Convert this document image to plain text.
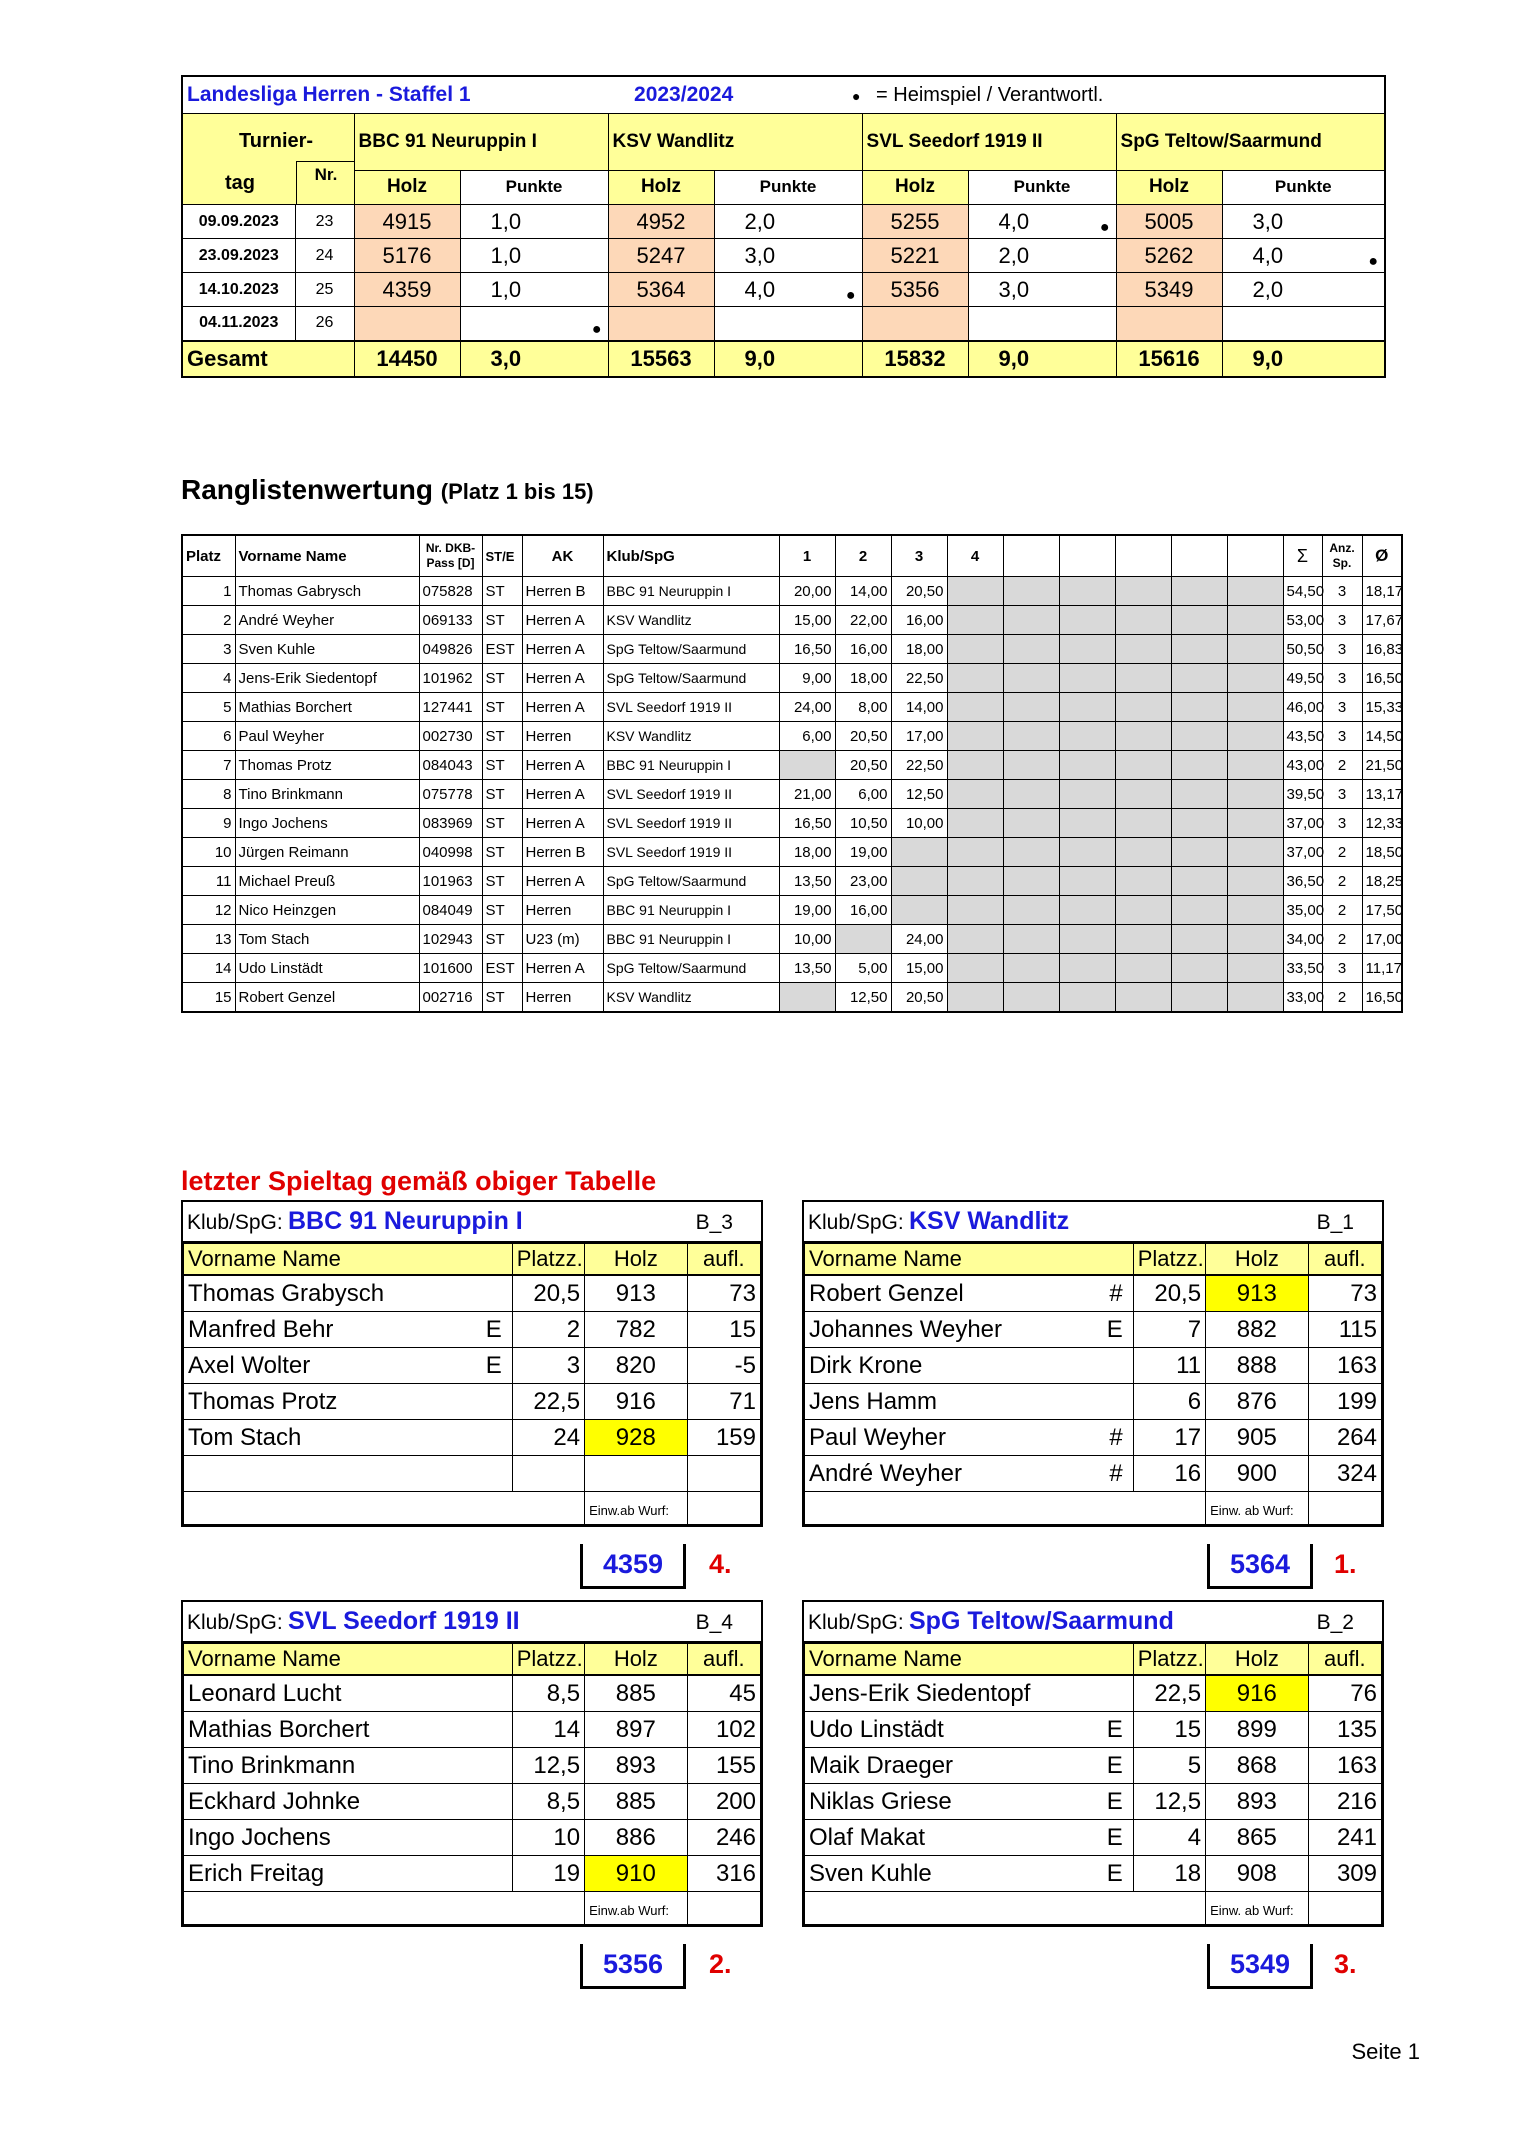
Landesliga Herren - Staffel 1					2023/2024		● = Heimspiel / Verantwortl.		

Turnier-
tag Nr.		BBC 91 Neuruppin I		KSV Wandlitz		SVL Seedorf 1919 II		SpG Teltow/Saarmund	
		Holz	Punkte	Holz	Punkte	Holz	Punkte	Holz	Punkte
09.09.2023	23	4915	1,0	4952	2,0	5255	4,0 ●	5005	3,0
23.09.2023	24	5176	1,0	5247	3,0	5221	2,0	5262	4,0 ●

14.10.2023	25	4359	1,0	5364	4,0 ●	5356	3,0	5349	2,0
04.11.2023	26		●						

Gesamt		14450	3,0	15563	9,0	15832	9,0	15616	9,0
Ranglistenwertung (Platz 1 bis 15)
Platz	Vorname Name	Nr. DKB-
Pass [D]	ST/E	AK	Klub/SpG	1	2	3	4						Σ	Anz.
Sp.	Ø
1	Thomas Gabrysch	075828	ST	Herren B	BBC 91 Neuruppin I	20,00	14,00	20,50							54,50	3	18,17
2	André Weyher	069133	ST	Herren A	KSV Wandlitz	15,00	22,00	16,00							53,00	3	17,67
3	Sven Kuhle	049826	EST	Herren A	SpG Teltow/Saarmund	16,50	16,00	18,00							50,50	3	16,83
4	Jens-Erik Siedentopf	101962	ST	Herren A	SpG Teltow/Saarmund	9,00	18,00	22,50							49,50	3	16,50
5	Mathias Borchert	127441	ST	Herren A	SVL Seedorf 1919 II	24,00	8,00	14,00							46,00	3	15,33
6	Paul Weyher	002730	ST	Herren	KSV Wandlitz	6,00	20,50	17,00							43,50	3	14,50
7	Thomas Protz	084043	ST	Herren A	BBC 91 Neuruppin I		20,50	22,50							43,00	2	21,50
8	Tino Brinkmann	075778	ST	Herren A	SVL Seedorf 1919 II	21,00	6,00	12,50							39,50	3	13,17
9	Ingo Jochens	083969	ST	Herren A	SVL Seedorf 1919 II	16,50	10,50	10,00							37,00	3	12,33
10	Jürgen Reimann	040998	ST	Herren B	SVL Seedorf 1919 II	18,00	19,00								37,00	2	18,50
11	Michael Preuß	101963	ST	Herren A	SpG Teltow/Saarmund	13,50	23,00								36,50	2	18,25
12	Nico Heinzgen	084049	ST	Herren	BBC 91 Neuruppin I	19,00	16,00								35,00	2	17,50
13	Tom Stach	102943	ST	U23 (m)	BBC 91 Neuruppin I	10,00		24,00							34,00	2	17,00
14	Udo Linstädt	101600	EST	Herren A	SpG Teltow/Saarmund	13,50	5,00	15,00							33,50	3	11,17
15	Robert Genzel	002716	ST	Herren	KSV Wandlitz		12,50	20,50							33,00	2	16,50
letzter Spieltag gemäß obiger Tabelle
Klub/SpG: BBC 91 Neuruppin I	B_3
Vorname Name		Platzz.	Holz	aufl.
Thomas Grabysch		20,5	913	73
Manfred Behr	E	2	782	15
Axel Wolter	E	3	820	-5
Thomas Protz		22,5	916	71
Tom Stach		24	928	159

			Einw.ab Wurf:	
4359	4.
Klub/SpG: KSV Wandlitz	B_1
Vorname Name		Platzz.	Holz	aufl.
Robert Genzel	#	20,5	913	73
Johannes Weyher	E	7	882	115
Dirk Krone		11	888	163
Jens Hamm		6	876	199
Paul Weyher	#	17	905	264
André Weyher	#	16	900	324
			Einw. ab Wurf:	
5364	1.
Klub/SpG: SVL Seedorf 1919 II	B_4
Vorname Name		Platzz.	Holz	aufl.
Leonard Lucht		8,5	885	45
Mathias Borchert		14	897	102
Tino Brinkmann		12,5	893	155
Eckhard Johnke		8,5	885	200
Ingo Jochens		10	886	246
Erich Freitag		19	910	316
			Einw.ab Wurf:	
5356	2.
Klub/SpG: SpG Teltow/Saarmund	B_2
Vorname Name		Platzz.	Holz	aufl.
Jens-Erik Siedentopf		22,5	916	76
Udo Linstädt	E	15	899	135
Maik Draeger	E	5	868	163
Niklas Griese	E	12,5	893	216
Olaf Makat	E	4	865	241
Sven Kuhle	E	18	908	309
			Einw. ab Wurf:	
5349	3.
Seite 1
